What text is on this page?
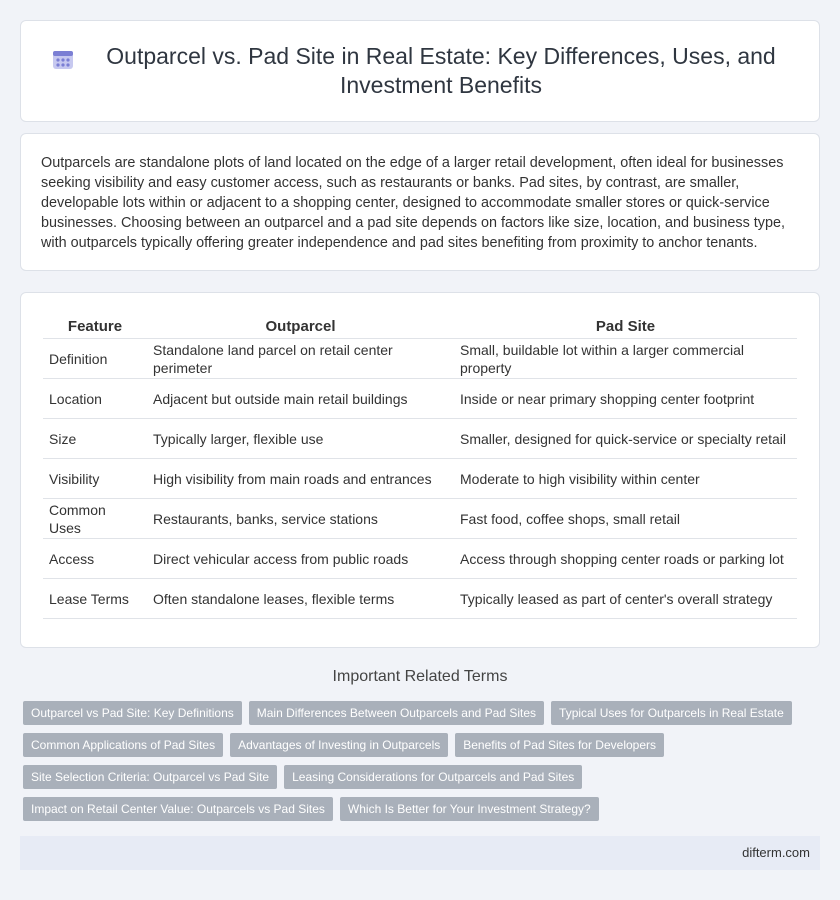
Outparcel vs. Pad Site in Real Estate: Key Differences, Uses, and Investment Benefits

Outparcels are standalone plots of land located on the edge of a larger retail development, often ideal for businesses seeking visibility and easy customer access, such as restaurants or banks. Pad sites, by contrast, are smaller, developable lots within or adjacent to a shopping center, designed to accommodate smaller stores or quick-service businesses. Choosing between an outparcel and a pad site depends on factors like size, location, and business type, with outparcels typically offering greater independence and pad sites benefiting from proximity to anchor tenants.

Feature	Outparcel	Pad Site
Definition	Standalone land parcel on retail center perimeter	Small, buildable lot within a larger commercial property
Location	Adjacent but outside main retail buildings	Inside or near primary shopping center footprint
Size	Typically larger, flexible use	Smaller, designed for quick-service or specialty retail
Visibility	High visibility from main roads and entrances	Moderate to high visibility within center
Common Uses	Restaurants, banks, service stations	Fast food, coffee shops, small retail
Access	Direct vehicular access from public roads	Access through shopping center roads or parking lot
Lease Terms	Often standalone leases, flexible terms	Typically leased as part of center's overall strategy
Important Related Terms
Outparcel vs Pad Site: Key Definitions	Main Differences Between Outparcels and Pad Sites	Typical Uses for Outparcels in Real Estate
Common Applications of Pad Sites	Advantages of Investing in Outparcels	Benefits of Pad Sites for Developers
Site Selection Criteria: Outparcel vs Pad Site	Leasing Considerations for Outparcels and Pad Sites
Impact on Retail Center Value: Outparcels vs Pad Sites	Which Is Better for Your Investment Strategy?
difterm.com
